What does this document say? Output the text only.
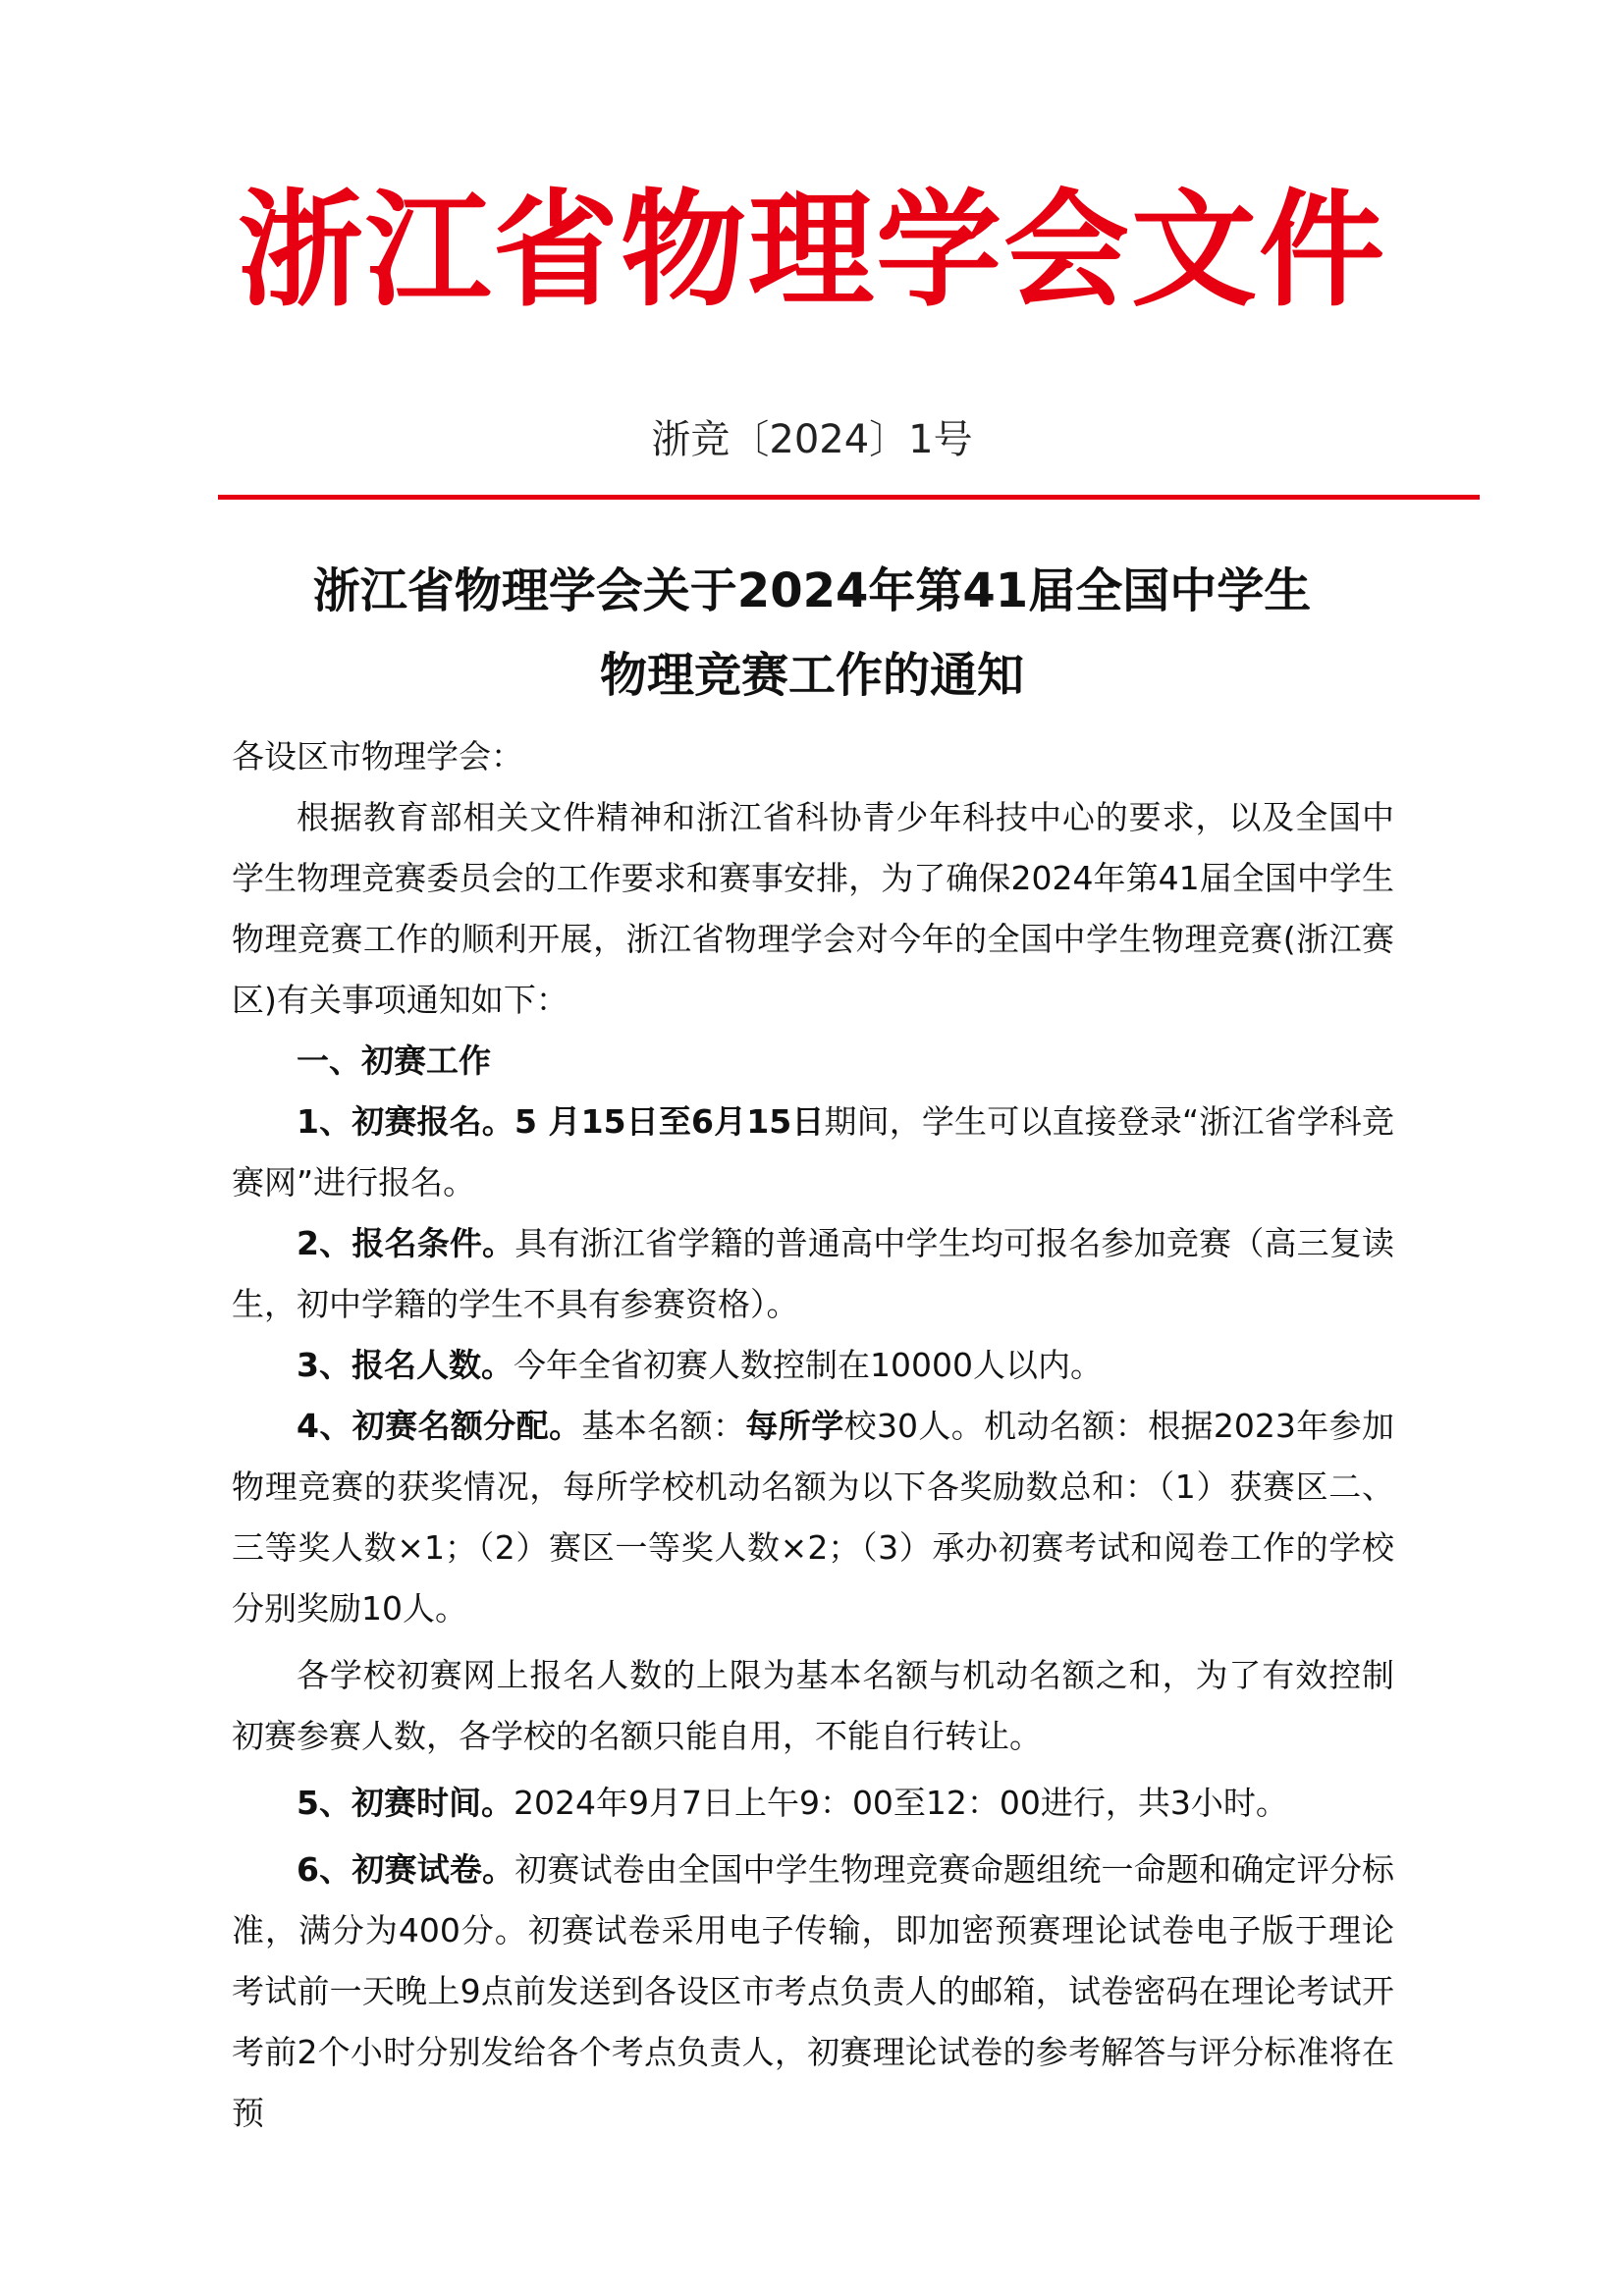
浙江省物理学会文件
浙竞〔2024〕1号
浙江省物理学会关于2024年第41届全国中学生
物理竞赛工作的通知

各设区市物理学会：

根据教育部相关文件精神和浙江省科协青少年科技中心的要求，以及全国中学生物理竞赛委员会的工作要求和赛事安排，为了确保2024年第41届全国中学生物理竞赛工作的顺利开展，浙江省物理学会对今年的全国中学生物理竞赛(浙江赛区)有关事项通知如下：

一、初赛工作

1、初赛报名。5 月15日至6月15日期间，学生可以直接登录“浙江省学科竞赛网”进行报名。

2、报名条件。具有浙江省学籍的普通高中学生均可报名参加竞赛（高三复读生，初中学籍的学生不具有参赛资格）。

3、报名人数。今年全省初赛人数控制在10000人以内。

4、初赛名额分配。基本名额：每所学校30人。机动名额：根据2023年参加物理竞赛的获奖情况，每所学校机动名额为以下各奖励数总和：（1）获赛区二、三等奖人数×1；（2）赛区一等奖人数×2；（3）承办初赛考试和阅卷工作的学校分别奖励10人。

各学校初赛网上报名人数的上限为基本名额与机动名额之和，为了有效控制初赛参赛人数，各学校的名额只能自用，不能自行转让。

5、初赛时间。2024年9月7日上午9：00至12：00进行，共3小时。

6、初赛试卷。初赛试卷由全国中学生物理竞赛命题组统一命题和确定评分标准，满分为400分。初赛试卷采用电子传输，即加密预赛理论试卷电子版于理论考试前一天晚上9点前发送到各设区市考点负责人的邮箱，试卷密码在理论考试开考前2个小时分别发给各个考点负责人，初赛理论试卷的参考解答与评分标准将在预
